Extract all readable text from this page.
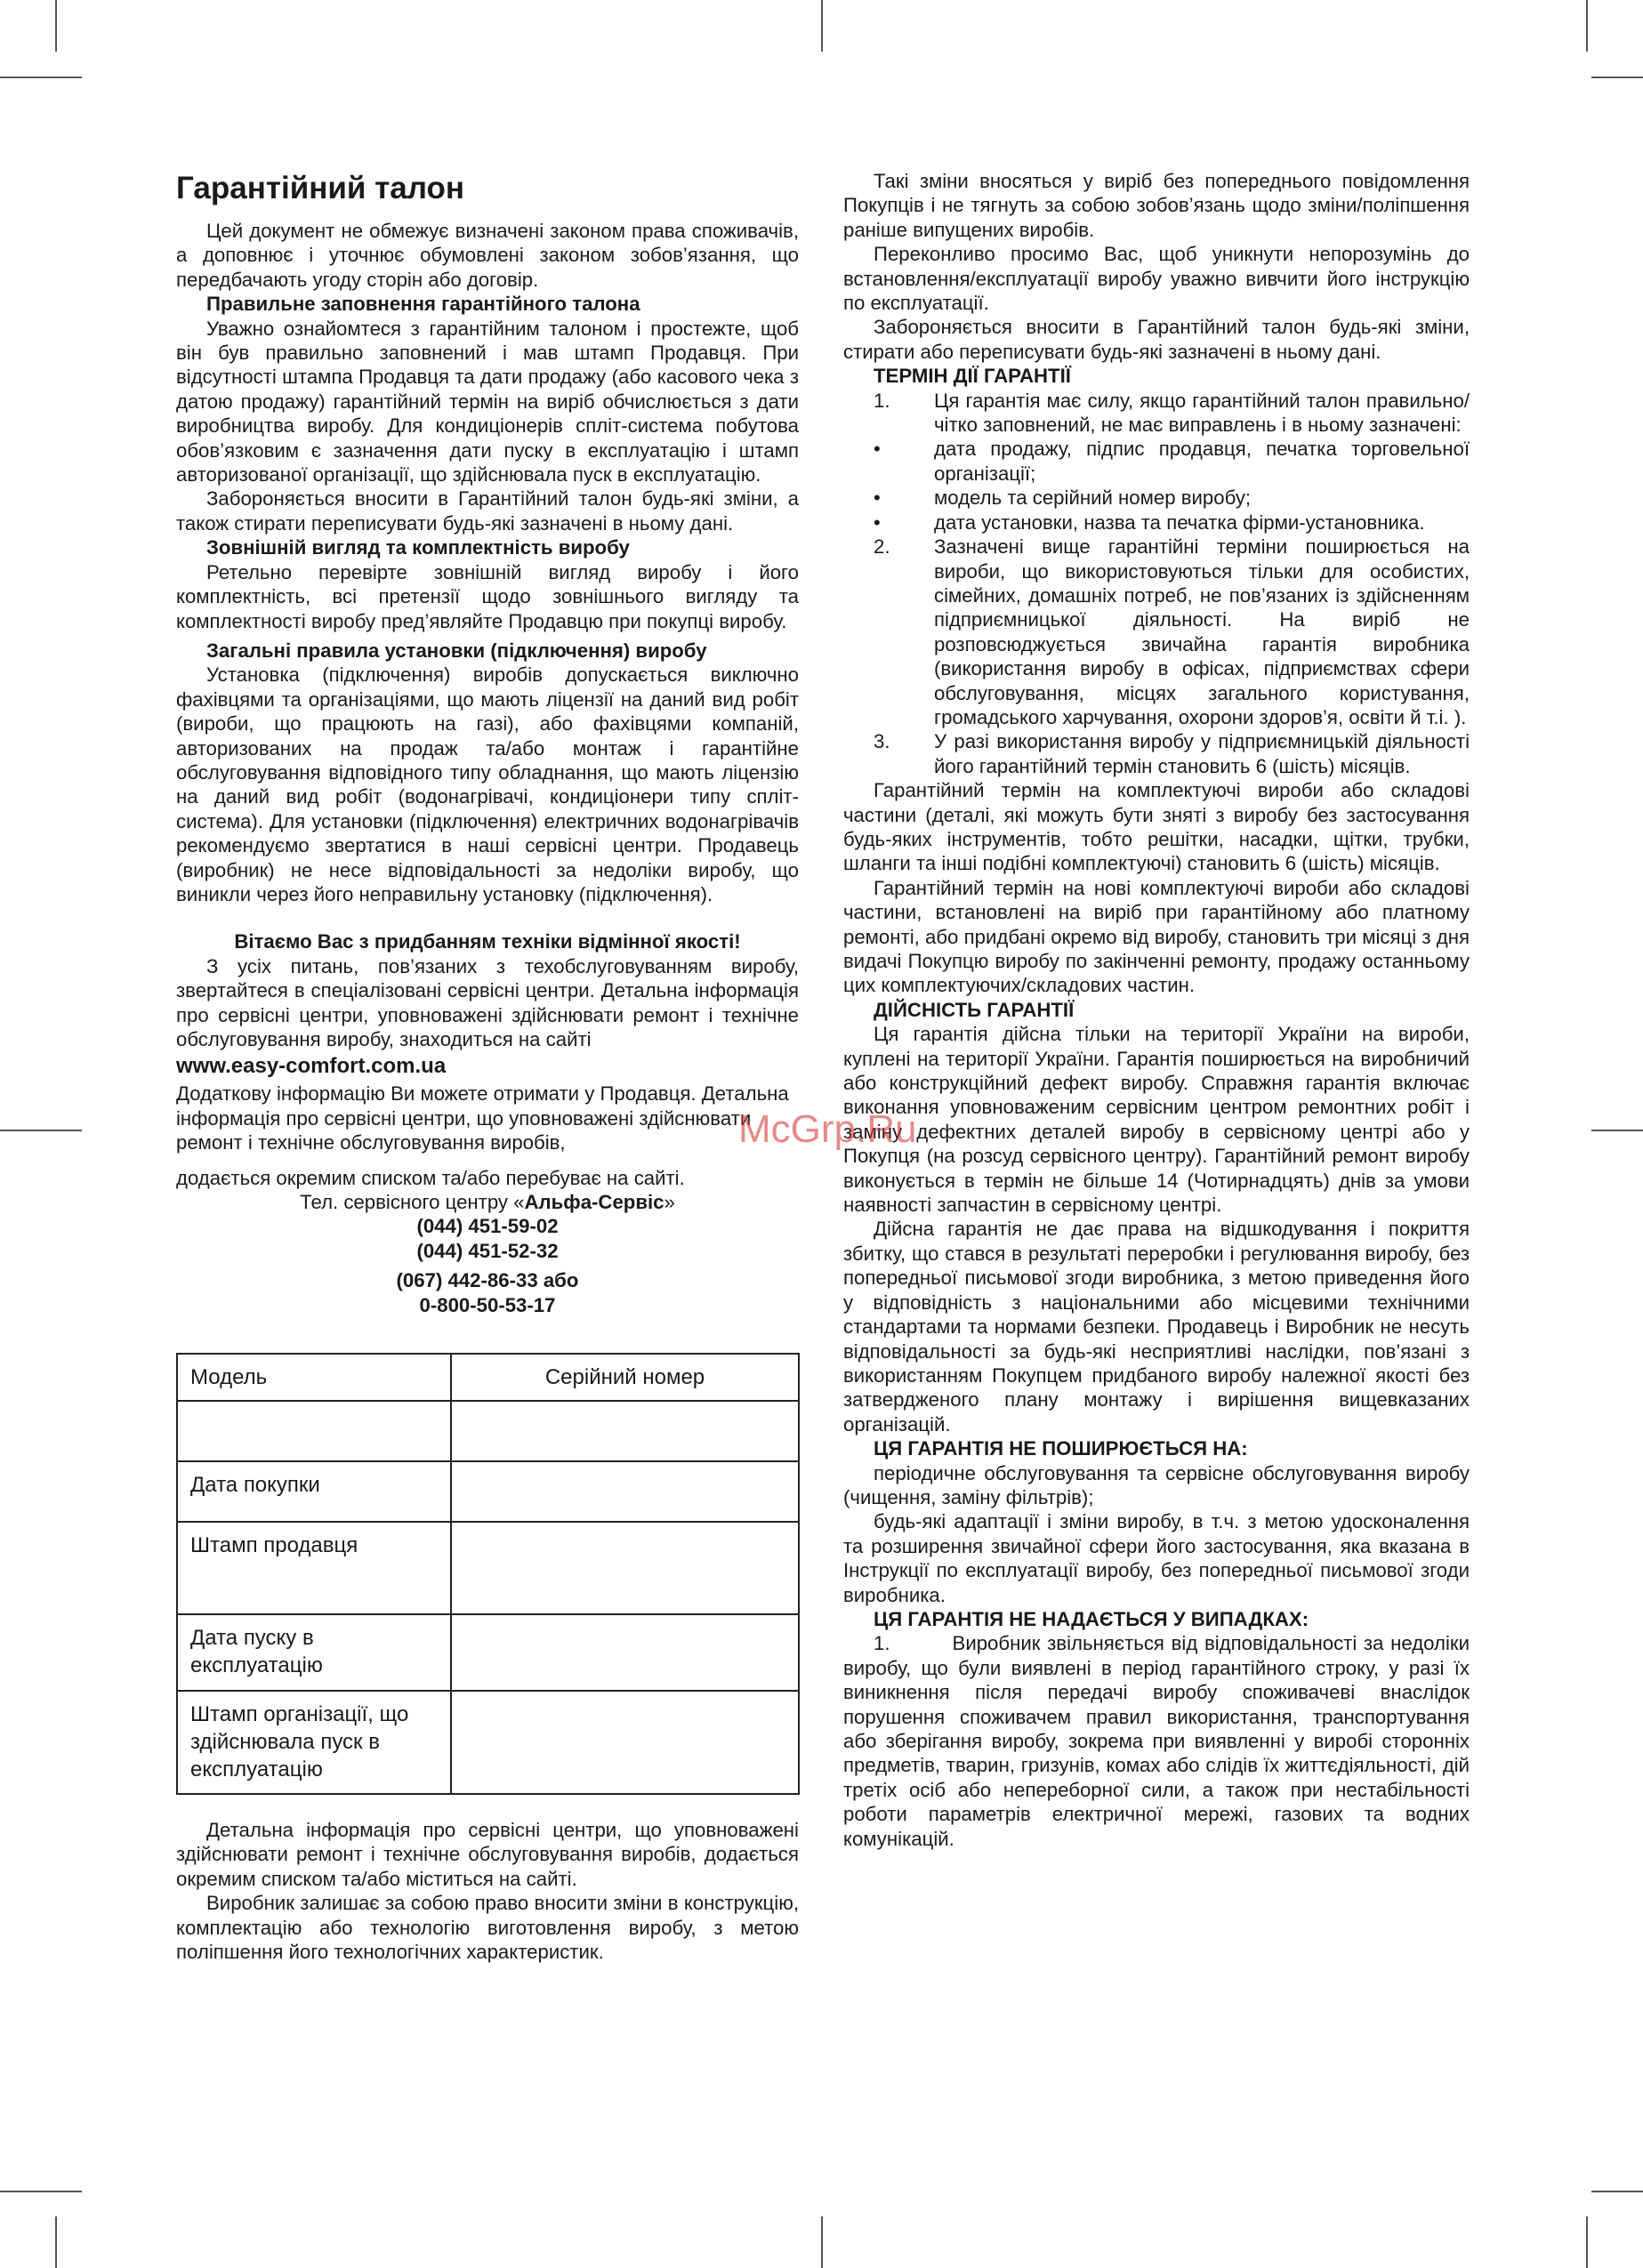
Гарантійний талон

Цей документ не обмежує визначені законом права споживачів, а доповнює і уточнює обумовлені законом зобов’язання, що передбачають угоду сторін або договір.

Правильне заповнення гарантійного талона

Уважно ознайомтеся з гарантійним талоном і простежте, щоб він був правильно заповнений і мав штамп Продавця. При відсутності штампа Продавця та дати продажу (або касового чека з датою продажу) гарантійний термін на виріб обчислюється з дати виробництва виробу. Для кондиціонерів спліт-система побутова обов’язковим є зазначення дати пуску в експлуатацію і штамп авторизованої організації, що здійснювала пуск в експлуатацію.

Забороняється вносити в Гарантійний талон будь-які зміни, а також стирати переписувати будь-які зазначені в ньому дані.

Зовнішній вигляд та комплектність виробу

Ретельно перевірте зовнішній вигляд виробу і його комплектність, всі претензії щодо зовнішнього вигляду та комплектності виробу пред’являйте Продавцю при покупці виробу.

Загальні правила установки (підключення) виробу

Установка (підключення) виробів допускається виключно фахівцями та організаціями, що мають ліцензії на даний вид робіт (вироби, що працюють на газі), або фахівцями компаній, авторизованих на продаж та/або монтаж і гарантійне обслуговування відповідного типу обладнання, що мають ліцензію на даний вид робіт (водонагрівачі, кондиціонери типу спліт-система). Для установки (підключення) електричних водонагрівачів рекомендуємо звертатися в наші сервісні центри. Продавець (виробник) не несе відповідальності за недоліки виробу, що виникли через його неправильну установку (підключення).

Вітаємо Вас з придбанням техніки відмінної якості!

З усіх питань, пов’язаних з техобслуговуванням виробу, звертайтеся в спеціалізовані сервісні центри. Детальна інформація про сервісні центри, уповноважені здійснювати ремонт і технічне обслуговування виробу, знаходиться на сайті

www.easy-comfort.com.ua

Додаткову інформацію Ви можете отримати у Продавця. Детальна інформація про сервісні центри, що уповноважені здійснювати ремонт і технічне обслуговування виробів,

додається окремим списком та/або перебуває на сайті.

Тел. сервісного центру «Альфа-Сервіс»

(044) 451-59-02

(044) 451-52-32

(067) 442-86-33 або

0-800-50-53-17

Модель	Серійний номер

Дата покупки	
Штамп продавця	
Дата пуску в експлуатацію	
Штамп організації, що здійснювала пуск в експлуатацію	

Детальна інформація про сервісні центри, що уповноважені здійснювати ремонт і технічне обслуговування виробів, додається окремим списком та/або міститься на сайті.

Виробник залишає за собою право вносити зміни в конструкцію, комплектацію або технологію виготовлення виробу, з метою поліпшення його технологічних характеристик.

Такі зміни вносяться у виріб без попереднього повідомлення Покупців і не тягнуть за собою зобов’язань щодо зміни/поліпшення раніше випущених виробів.

Переконливо просимо Вас, щоб уникнути непорозумінь до встановлення/експлуатації виробу уважно вивчити його інструкцію по експлуатації.

Забороняється вносити в Гарантійний талон будь-які зміни, стирати або переписувати будь-які зазначені в ньому дані.

ТЕРМІН ДІЇ ГАРАНТІЇ

1.	Ця гарантія має силу, якщо гарантійний талон правильно/чітко заповнений, не має виправлень і в ньому зазначені:
•	дата продажу, підпис продавця, печатка торговельної організації;
•	модель та серійний номер виробу;
•	дата установки, назва та печатка фірми-установника.
2.	Зазначені вище гарантійні терміни поширюється на вироби, що використовуються тільки для особистих, сімейних, домашніх потреб, не пов’язаних із здійсненням підприємницької діяльності. На виріб не розповсюджується звичайна гарантія виробника (використання виробу в офісах, підприємствах сфери обслуговування, місцях загального користування, громадського харчування, охорони здоров’я, освіти й т.і. ).
3.	У разі використання виробу у підприємницькій діяльності його гарантійний термін становить 6 (шість) місяців.

Гарантійний термін на комплектуючі вироби або складові частини (деталі, які можуть бути зняті з виробу без застосування будь-яких інструментів, тобто решітки, насадки, щітки, трубки, шланги та інші подібні комплектуючі) становить 6 (шість) місяців.

Гарантійний термін на нові комплектуючі вироби або складові частини, встановлені на виріб при гарантійному або платному ремонті, або придбані окремо від виробу, становить три місяці з дня видачі Покупцю виробу по закінченні ремонту, продажу останньому цих комплектуючих/складових частин.

ДІЙСНІСТЬ ГАРАНТІЇ

Ця гарантія дійсна тільки на території України на вироби, куплені на території України. Гарантія поширюється на виробничий або конструкційний дефект виробу. Справжня гарантія включає виконання уповноваженим сервісним центром ремонтних робіт і заміну дефектних деталей виробу в сервісному центрі або у Покупця (на розсуд сервісного центру). Гарантійний ремонт виробу виконується в термін не більше 14 (Чотирнадцять) днів за умови наявності запчастин в сервісному центрі.

Дійсна гарантія не дає права на відшкодування і покриття збитку, що стався в результаті переробки і регулювання виробу, без попередньої письмової згоди виробника, з метою приведення його у відповідність з національними або місцевими технічними стандартами та нормами безпеки. Продавець і Виробник не несуть відповідальності за будь-які несприятливі наслідки, пов’язані з використанням Покупцем придбаного виробу належної якості без затвердженого плану монтажу і вирішення вищевказаних організацій.

ЦЯ ГАРАНТІЯ НЕ ПОШИРЮЄТЬСЯ НА:

періодичне обслуговування та сервісне обслуговування виробу (чищення, заміну фільтрів);

будь-які адаптації і зміни виробу, в т.ч. з метою удосконалення та розширення звичайної сфери його застосування, яка вказана в Інструкції по експлуатації виробу, без попередньої письмової згоди виробника.

ЦЯ ГАРАНТІЯ НЕ НАДАЄТЬСЯ У ВИПАДКАХ:

1.	Виробник звільняється від відповідальності за недоліки виробу, що були виявлені в період гарантійного строку, у разі їх виникнення після передачі виробу споживачеві внаслідок порушення споживачем правил використання, транспортування або зберігання виробу, зокрема при виявленні у виробі сторонніх предметів, тварин, гризунів, комах або слідів їх життєдіяльності, дій третіх осіб або непереборної сили, а також при нестабільності роботи параметрів електричної мережі, газових та водних комунікацій.

McGrp.Ru
